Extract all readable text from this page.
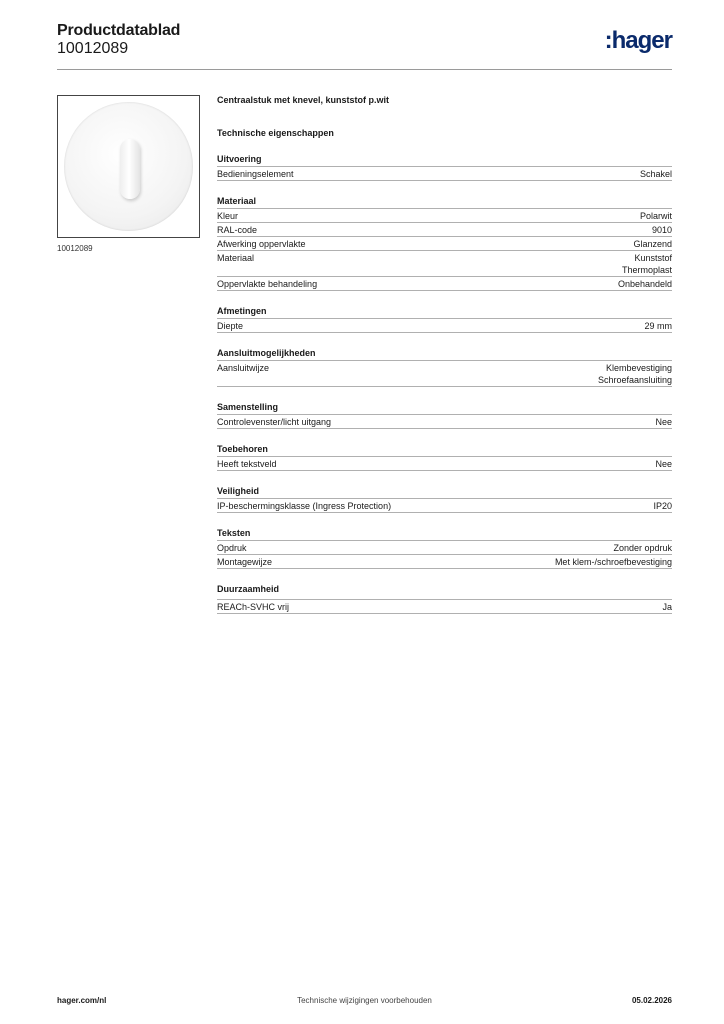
Productdatablad
10012089	:hager
10012089
Centraalstuk met knevel, kunststof p.wit
Technische eigenschappen
Uitvoering
Bedieningselement	Schakel
Materiaal
Kleur	Polarwit
RAL-code	9010
Afwerking oppervlakte	Glanzend
Materiaal	Kunststof
Thermoplast
Oppervlakte behandeling	Onbehandeld
Afmetingen
Diepte	29 mm
Aansluitmogelijkheden
Aansluitwijze	Klembevestiging
Schroefaansluiting
Samenstelling
Controlevenster/licht uitgang	Nee
Toebehoren
Heeft tekstveld	Nee
Veiligheid
IP-beschermingsklasse (Ingress Protection)	IP20
Teksten
Opdruk	Zonder opdruk
Montagewijze	Met klem-/schroefbevestiging
Duurzaamheid
REACh-SVHC vrij	Ja
hager.com/nl	Technische wijzigingen voorbehouden	05.02.2026
